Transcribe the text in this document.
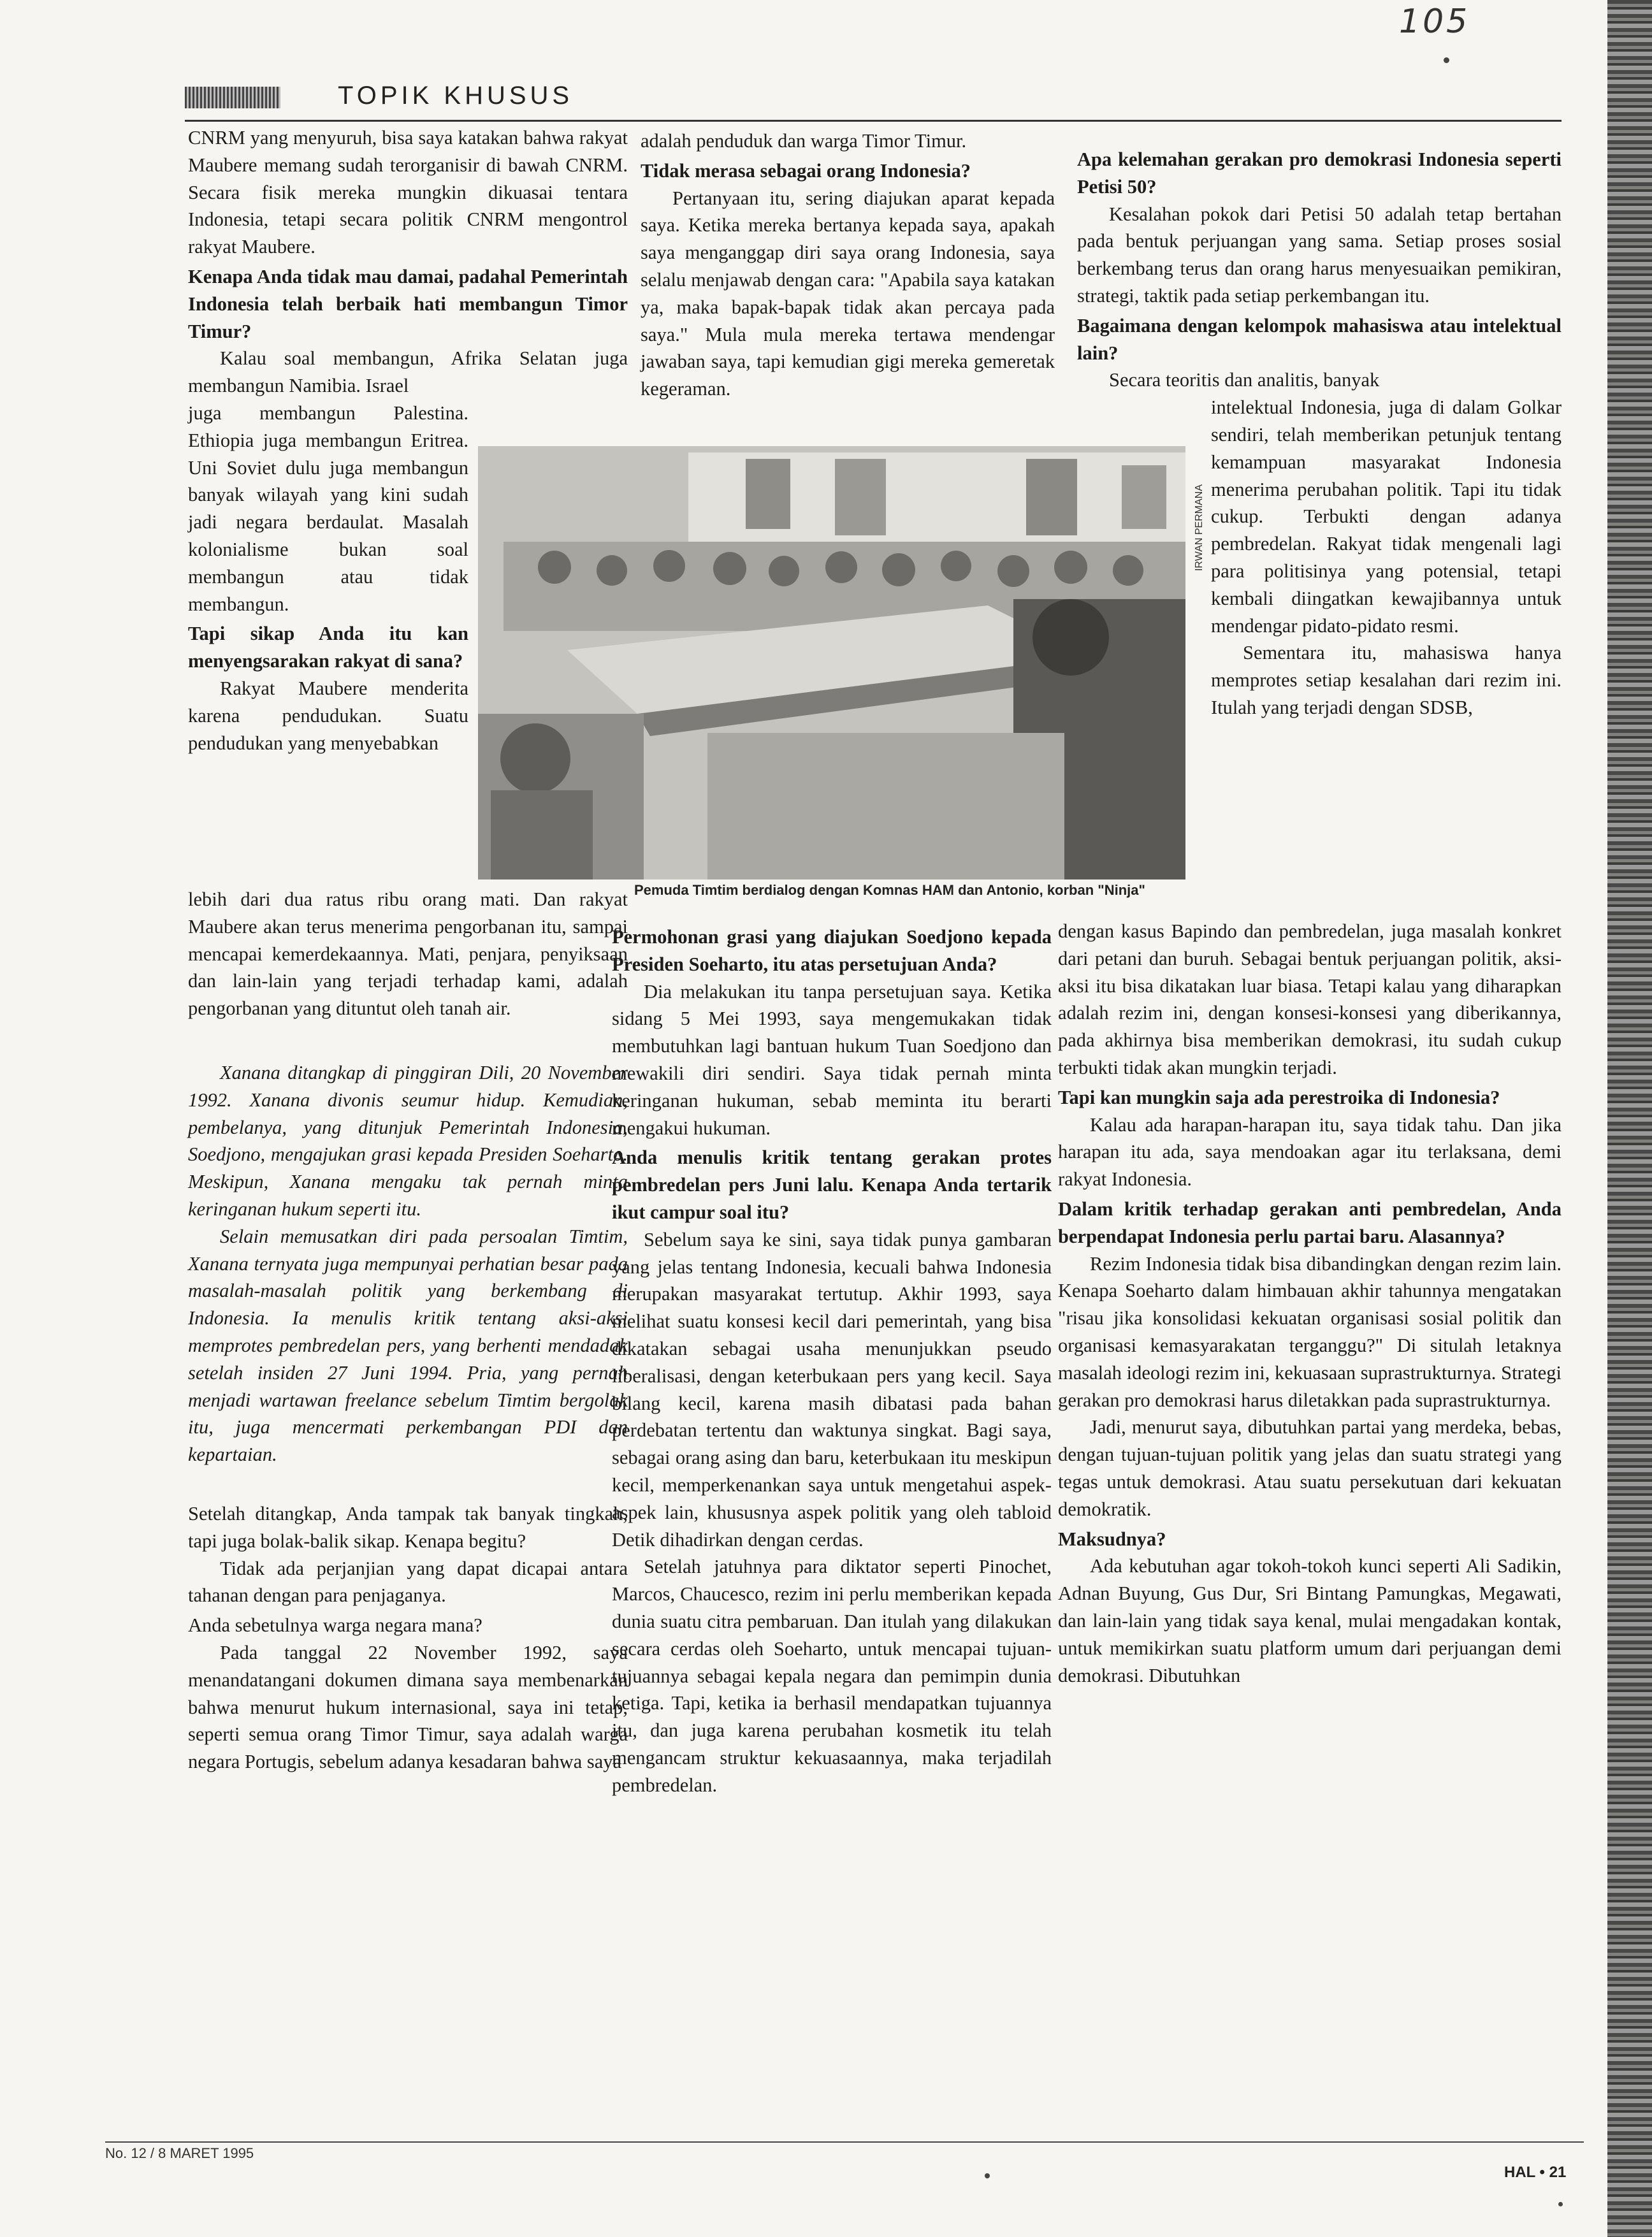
105
TOPIK KHUSUS

CNRM yang menyuruh, bisa saya katakan bahwa rakyat Maubere memang sudah terorganisir di bawah CNRM. Secara fisik mereka mungkin dikuasai tentara Indonesia, tetapi secara politik CNRM mengontrol rakyat Maubere.

Kenapa Anda tidak mau damai, padahal Pemerintah Indonesia telah berbaik hati membangun Timor Timur?

Kalau soal membangun, Afrika Selatan juga membangun Namibia. Israel

juga membangun Palestina. Ethiopia juga membangun Eritrea. Uni Soviet dulu juga membangun banyak wilayah yang kini sudah jadi negara berdaulat. Masalah kolonialisme bukan soal membangun atau tidak membangun.

Tapi sikap Anda itu kan menyengsarakan rakyat di sana?

Rakyat Maubere menderita karena pendudukan. Suatu pendudukan yang menyebabkan

lebih dari dua ratus ribu orang mati. Dan rakyat Maubere akan terus menerima pengorbanan itu, sampai mencapai kemerdekaannya. Mati, penjara, penyiksaan dan lain-lain yang terjadi terhadap kami, adalah pengorbanan yang dituntut oleh tanah air.

Xanana ditangkap di pinggiran Dili, 20 November 1992. Xanana divonis seumur hidup. Kemudian, pembelanya, yang ditunjuk Pemerintah Indonesia, Soedjono, mengajukan grasi kepada Presiden Soeharto. Meskipun, Xanana mengaku tak pernah minta keringanan hukum seperti itu.

Selain memusatkan diri pada persoalan Timtim, Xanana ternyata juga mempunyai perhatian besar pada masalah-masalah politik yang berkembang di Indonesia. Ia menulis kritik tentang aksi-aksi memprotes pembredelan pers, yang berhenti mendadak setelah insiden 27 Juni 1994. Pria, yang pernah menjadi wartawan freelance sebelum Timtim bergolak itu, juga mencermati perkembangan PDI dan kepartaian.

Setelah ditangkap, Anda tampak tak banyak tingkah, tapi juga bolak-balik sikap. Kenapa begitu?

Tidak ada perjanjian yang dapat dicapai antara tahanan dengan para penjaganya.

Anda sebetulnya warga negara mana?

Pada tanggal 22 November 1992, saya menandatangani dokumen dimana saya membenarkan bahwa menurut hukum internasional, saya ini tetap, seperti semua orang Timor Timur, saya adalah warga negara Portugis, sebelum adanya kesadaran bahwa saya

adalah penduduk dan warga Timor Timur.

Tidak merasa sebagai orang Indonesia?

Pertanyaan itu, sering diajukan aparat kepada saya. Ketika mereka bertanya kepada saya, apakah saya menganggap diri saya orang Indonesia, saya selalu menjawab dengan cara: "Apabila saya katakan ya, maka bapak-bapak tidak akan percaya pada saya." Mula mula mereka tertawa mendengar jawaban saya, tapi kemudian gigi mereka gemeretak kegeraman.

IRWAN PERMANA
Pemuda Timtim berdialog dengan Komnas HAM dan Antonio, korban "Ninja"

Permohonan grasi yang diajukan Soedjono kepada Presiden Soeharto, itu atas persetujuan Anda?

Dia melakukan itu tanpa persetujuan saya. Ketika sidang 5 Mei 1993, saya mengemukakan tidak membutuhkan lagi bantuan hukum Tuan Soedjono dan mewakili diri sendiri. Saya tidak pernah minta keringanan hukuman, sebab meminta itu berarti mengakui hukuman.

Anda menulis kritik tentang gerakan protes pembredelan pers Juni lalu. Kenapa Anda tertarik ikut campur soal itu?

Sebelum saya ke sini, saya tidak punya gambaran yang jelas tentang Indonesia, kecuali bahwa Indonesia merupakan masyarakat tertutup. Akhir 1993, saya melihat suatu konsesi kecil dari pemerintah, yang bisa dikatakan sebagai usaha menunjukkan pseudo liberalisasi, dengan keterbukaan pers yang kecil. Saya bilang kecil, karena masih dibatasi pada bahan perdebatan tertentu dan waktunya singkat. Bagi saya, sebagai orang asing dan baru, keterbukaan itu meskipun kecil, memperkenankan saya untuk mengetahui aspek-aspek lain, khususnya aspek politik yang oleh tabloid Detik dihadirkan dengan cerdas.

Setelah jatuhnya para diktator seperti Pinochet, Marcos, Chaucesco, rezim ini perlu memberikan kepada dunia suatu citra pembaruan. Dan itulah yang dilakukan secara cerdas oleh Soeharto, untuk mencapai tujuan-tujuannya sebagai kepala negara dan pemimpin dunia ketiga. Tapi, ketika ia berhasil mendapatkan tujuannya itu, dan juga karena perubahan kosmetik itu telah mengancam struktur kekuasaannya, maka terjadilah pembredelan.

Apa kelemahan gerakan pro demokrasi Indonesia seperti Petisi 50?

Kesalahan pokok dari Petisi 50 adalah tetap bertahan pada bentuk perjuangan yang sama. Setiap proses sosial berkembang terus dan orang harus menyesuaikan pemikiran, strategi, taktik pada setiap perkembangan itu.

Bagaimana dengan kelompok mahasiswa atau intelektual lain?

Secara teoritis dan analitis, banyak

intelektual Indonesia, juga di dalam Golkar sendiri, telah memberikan petunjuk tentang kemampuan masyarakat Indonesia menerima perubahan politik. Tapi itu tidak cukup. Terbukti dengan adanya pembredelan. Rakyat tidak mengenali lagi para politisinya yang potensial, tetapi kembali diingatkan kewajibannya untuk mendengar pidato-pidato resmi.

Sementara itu, mahasiswa hanya memprotes setiap kesalahan dari rezim ini. Itulah yang terjadi dengan SDSB,

dengan kasus Bapindo dan pembredelan, juga masalah konkret dari petani dan buruh. Sebagai bentuk perjuangan politik, aksi-aksi itu bisa dikatakan luar biasa. Tetapi kalau yang diharapkan adalah rezim ini, dengan konsesi-konsesi yang diberikannya, pada akhirnya bisa memberikan demokrasi, itu sudah cukup terbukti tidak akan mungkin terjadi.

Tapi kan mungkin saja ada perestroika di Indonesia?

Kalau ada harapan-harapan itu, saya tidak tahu. Dan jika harapan itu ada, saya mendoakan agar itu terlaksana, demi rakyat Indonesia.

Dalam kritik terhadap gerakan anti pembredelan, Anda berpendapat Indonesia perlu partai baru. Alasannya?

Rezim Indonesia tidak bisa dibandingkan dengan rezim lain. Kenapa Soeharto dalam himbauan akhir tahunnya mengatakan "risau jika konsolidasi kekuatan organisasi sosial politik dan organisasi kemasyarakatan terganggu?" Di situlah letaknya masalah ideologi rezim ini, kekuasaan suprastrukturnya. Strategi gerakan pro demokrasi harus diletakkan pada suprastrukturnya.

Jadi, menurut saya, dibutuhkan partai yang merdeka, bebas, dengan tujuan-tujuan politik yang jelas dan suatu strategi yang tegas untuk demokrasi. Atau suatu persekutuan dari kekuatan demokratik.

Maksudnya?

Ada kebutuhan agar tokoh-tokoh kunci seperti Ali Sadikin, Adnan Buyung, Gus Dur, Sri Bintang Pamungkas, Megawati, dan lain-lain yang tidak saya kenal, mulai mengadakan kontak, untuk memikirkan suatu platform umum dari perjuangan demi demokrasi. Dibutuhkan

No. 12 / 8 MARET 1995
HAL • 21
